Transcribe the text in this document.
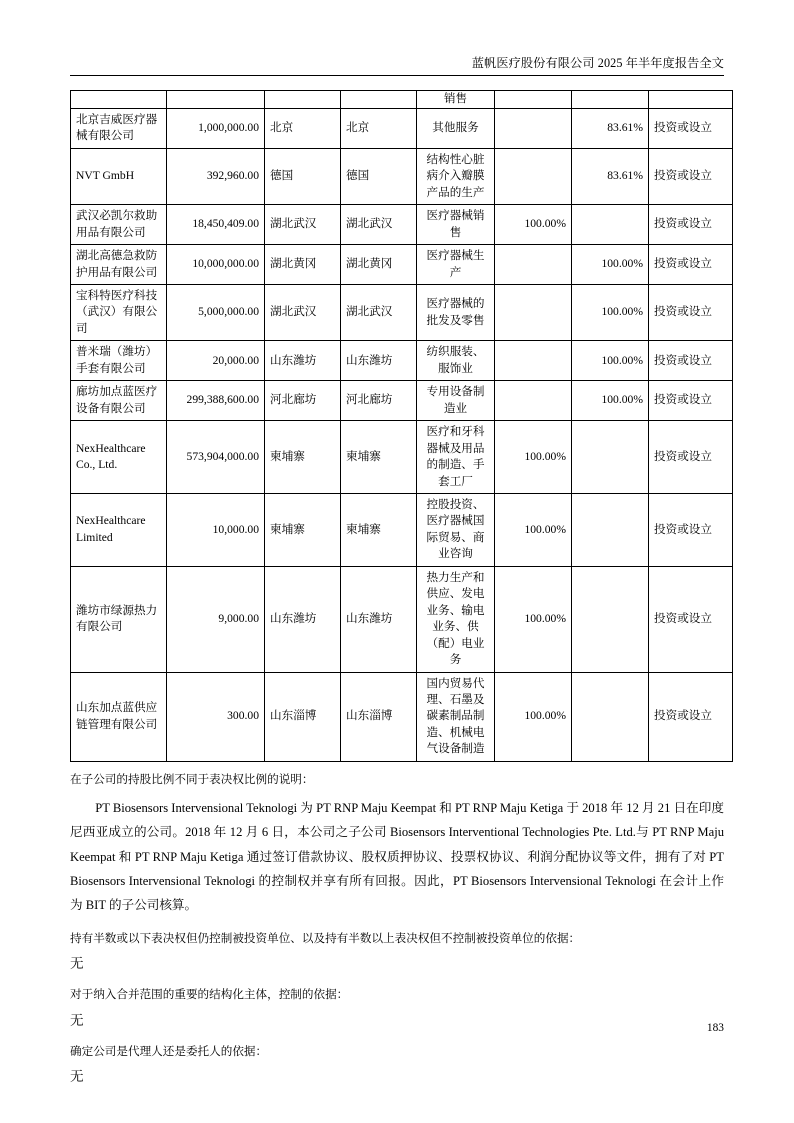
蓝帆医疗股份有限公司 2025 年半年度报告全文
				销售			
北京吉威医疗器械有限公司	1,000,000.00	北京	北京	其他服务		83.61%	投资或设立
NVT GmbH	392,960.00	德国	德国	结构性心脏病介入瓣膜产品的生产		83.61%	投资或设立
武汉必凯尔救助用品有限公司	18,450,409.00	湖北武汉	湖北武汉	医疗器械销售	100.00%		投资或设立
湖北高德急救防护用品有限公司	10,000,000.00	湖北黄冈	湖北黄冈	医疗器械生产		100.00%	投资或设立
宝科特医疗科技（武汉）有限公司	5,000,000.00	湖北武汉	湖北武汉	医疗器械的批发及零售		100.00%	投资或设立
普米瑞（潍坊）手套有限公司	20,000.00	山东潍坊	山东潍坊	纺织服装、服饰业		100.00%	投资或设立
廊坊加点蓝医疗设备有限公司	299,388,600.00	河北廊坊	河北廊坊	专用设备制造业		100.00%	投资或设立
NexHealthcare Co., Ltd.	573,904,000.00	柬埔寨	柬埔寨	医疗和牙科器械及用品的制造、手套工厂	100.00%		投资或设立
NexHealthcare Limited	10,000.00	柬埔寨	柬埔寨	控股投资、医疗器械国际贸易、商业咨询	100.00%		投资或设立
潍坊市绿源热力有限公司	9,000.00	山东潍坊	山东潍坊	热力生产和供应、发电业务、输电业务、供（配）电业务	100.00%		投资或设立
山东加点蓝供应链管理有限公司	300.00	山东淄博	山东淄博	国内贸易代理、石墨及碳素制品制造、机械电气设备制造	100.00%		投资或设立
在子公司的持股比例不同于表决权比例的说明：
PT Biosensors Intervensional Teknologi 为 PT RNP Maju Keempat 和 PT RNP Maju Ketiga 于 2018 年 12 月 21 日在印度尼西亚成立的公司。2018 年 12 月 6 日，本公司之子公司 Biosensors Interventional Technologies Pte. Ltd.与 PT RNP Maju Keempat 和 PT RNP Maju Ketiga 通过签订借款协议、股权质押协议、投票权协议、利润分配协议等文件，拥有了对 PT Biosensors Intervensional Teknologi 的控制权并享有所有回报。因此，PT Biosensors Intervensional Teknologi 在会计上作为 BIT 的子公司核算。
持有半数或以下表决权但仍控制被投资单位、以及持有半数以上表决权但不控制被投资单位的依据：
无
对于纳入合并范围的重要的结构化主体，控制的依据：
无
确定公司是代理人还是委托人的依据：
无
183
